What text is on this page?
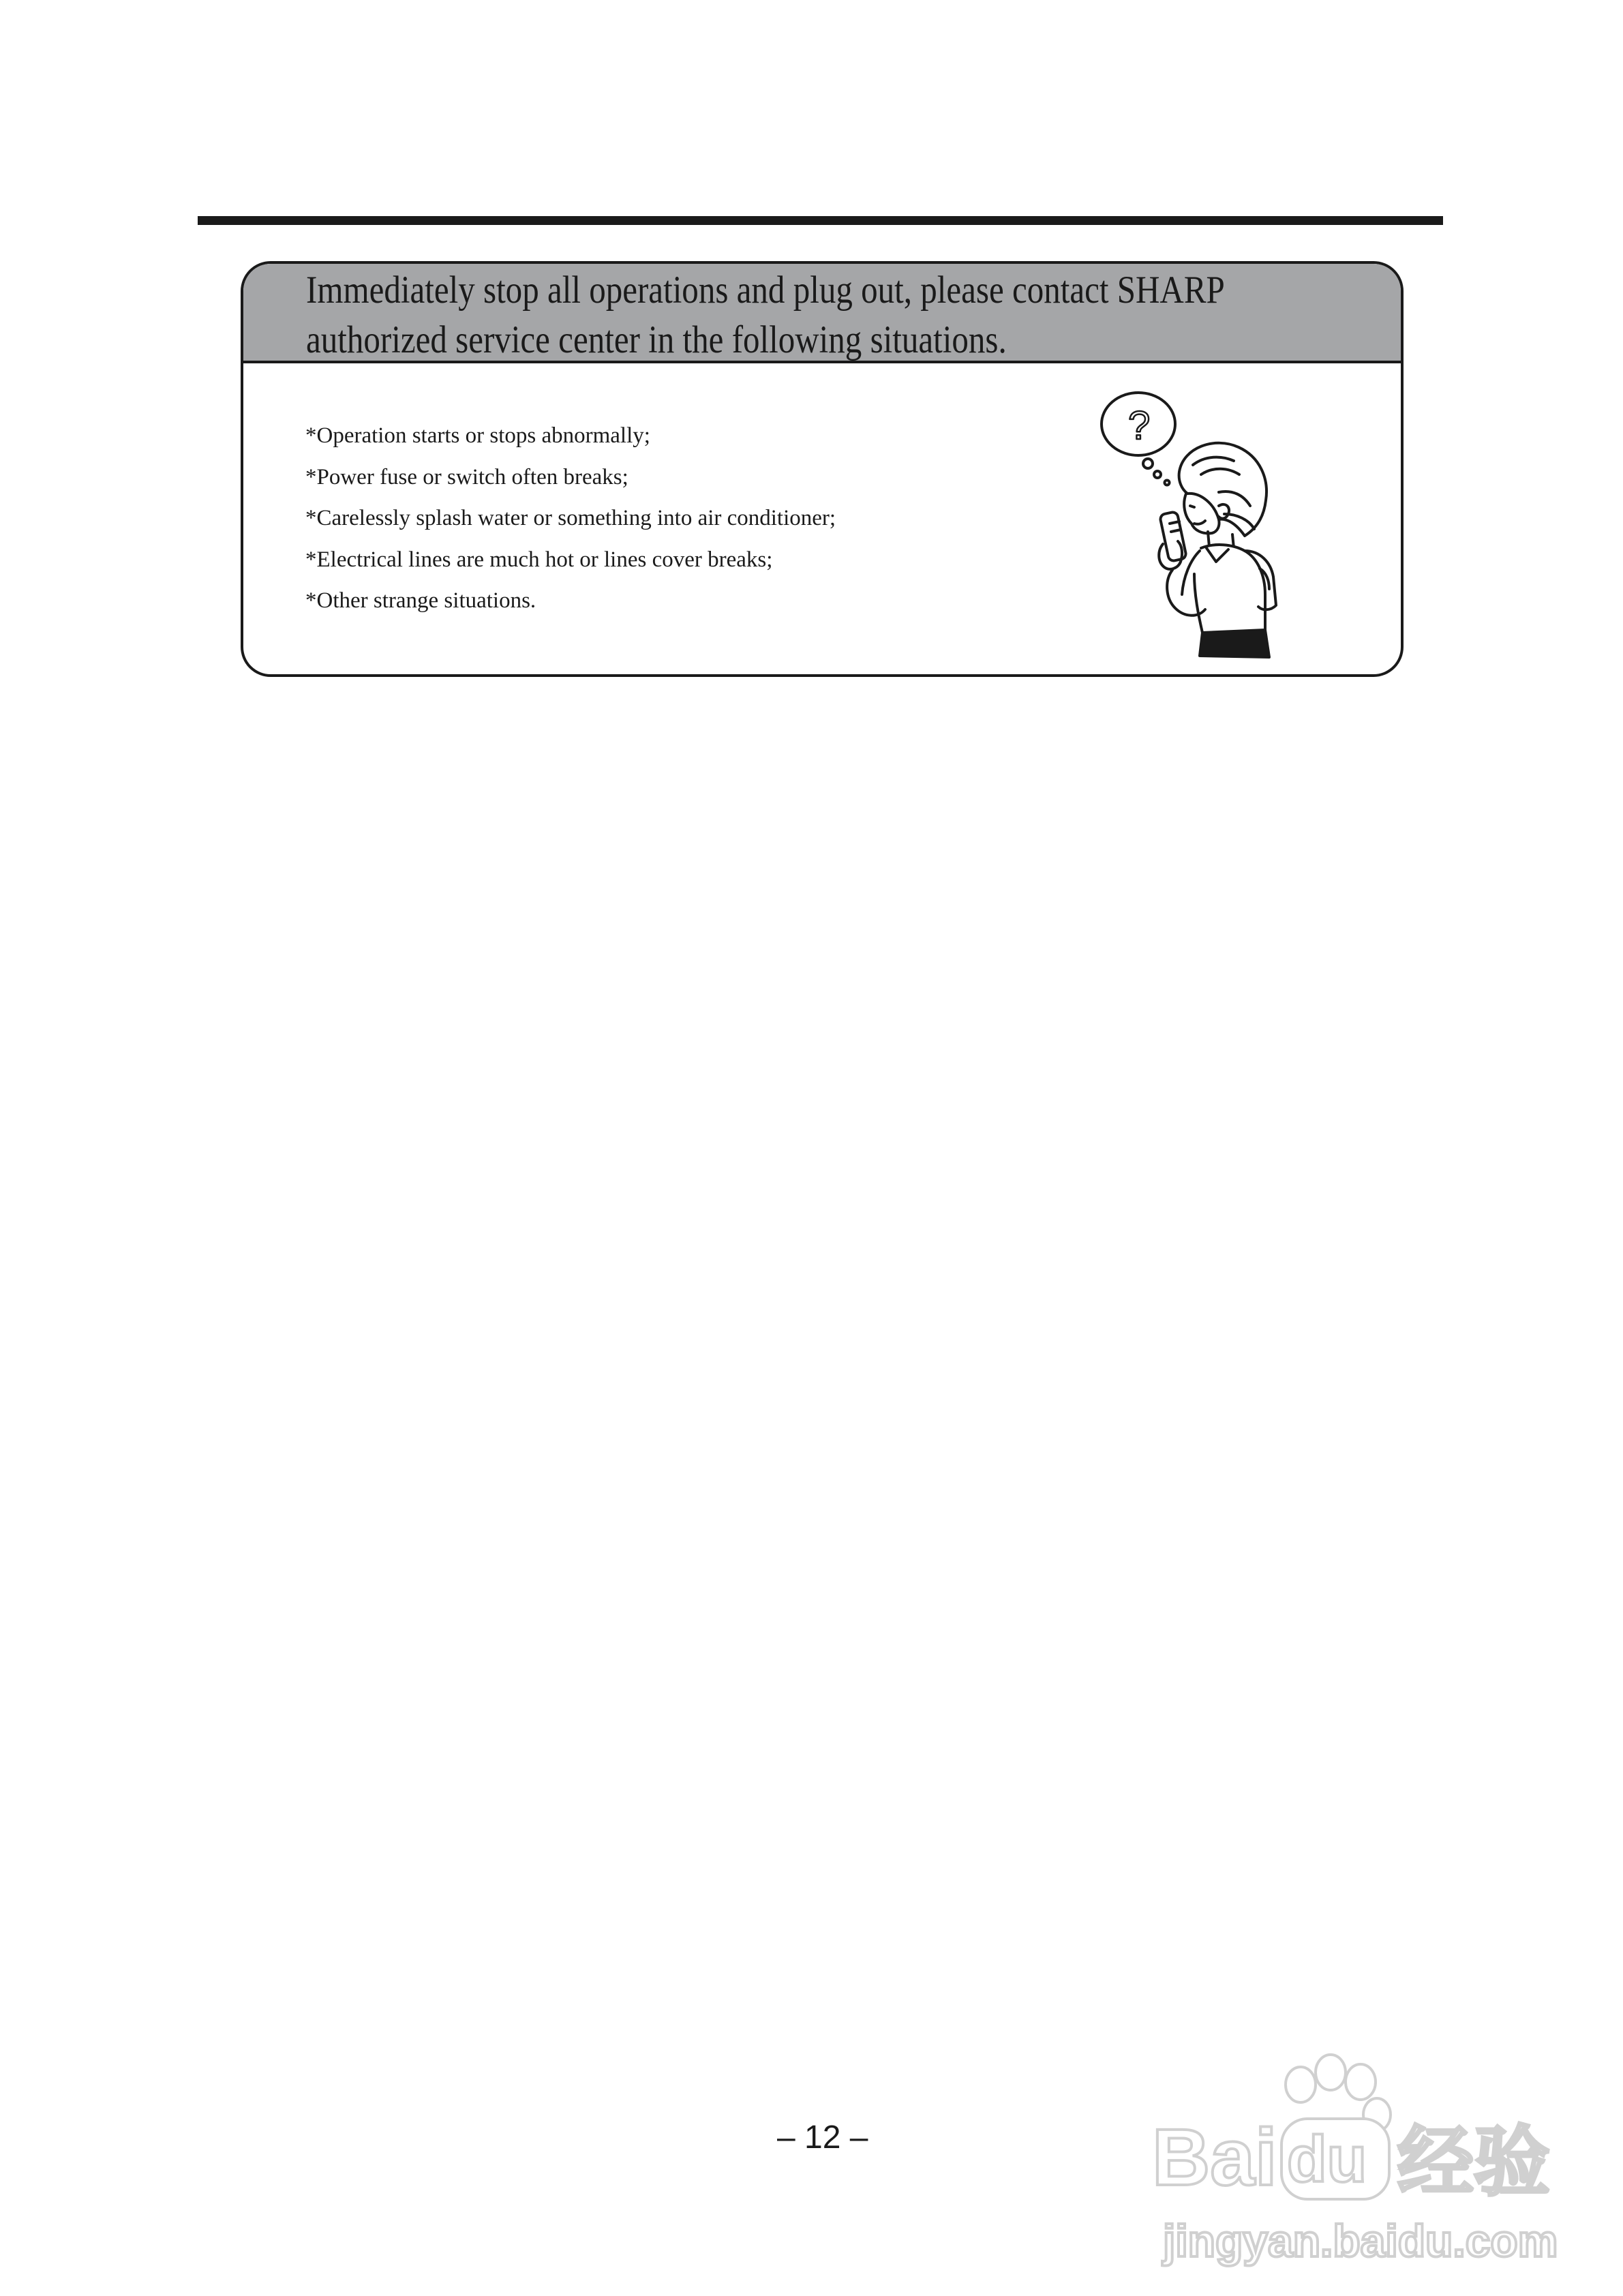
Immediately stop all operations and plug out, please contact SHARP
authorized service center in the following situations.
*Operation starts or stops abnormally;
*Power fuse or switch often breaks;
*Carelessly splash water or something into air conditioner;
*Electrical lines are much hot or lines cover breaks;
*Other strange situations.
?
– 12 –	Bai du 经验
jingyan.baidu.com
